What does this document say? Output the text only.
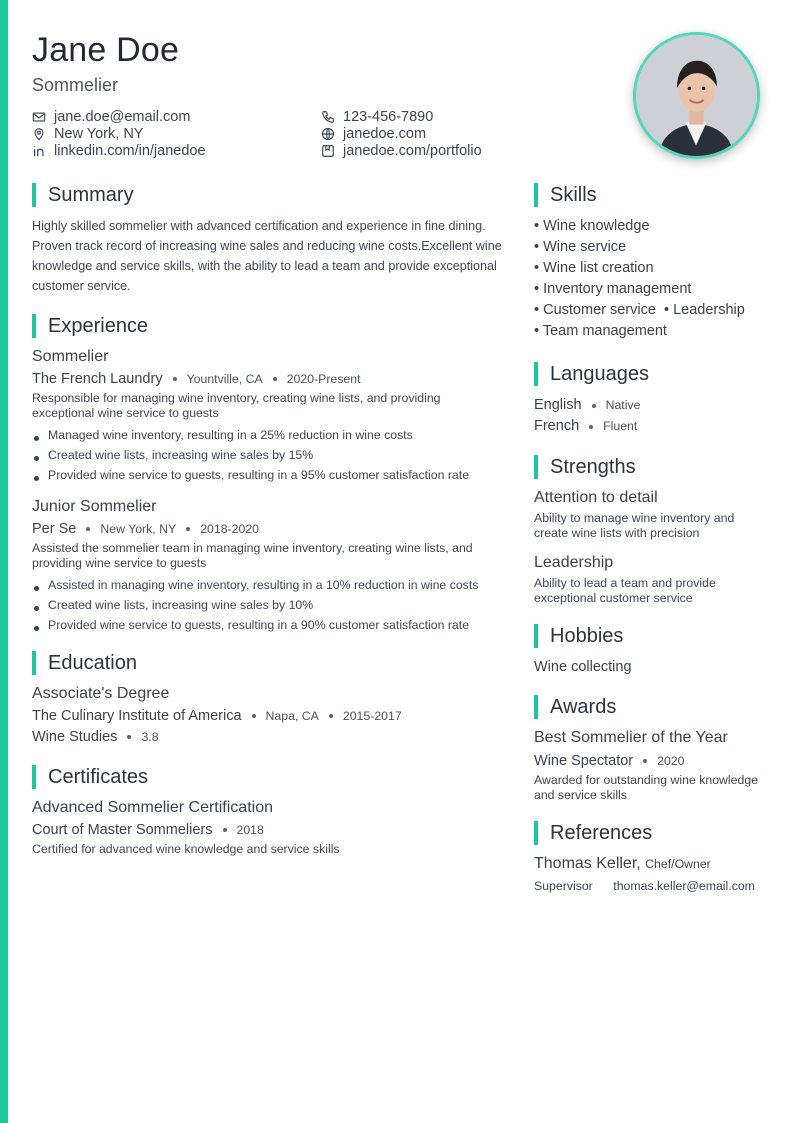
Jane Doe
Sommelier
jane.doe@email.com	123-456-7890
New York, NY	janedoe.com
linkedin.com/in/janedoe	janedoe.com/portfolio
Summary

Highly skilled sommelier with advanced certification and experience in fine dining. Proven track record of increasing wine sales and reducing wine costs.Excellent wine knowledge and service skills, with the ability to lead a team and provide exceptional customer service.

Experience
Sommelier
The French Laundry Yountville, CA 2020-Present
Responsible for managing wine inventory, creating wine lists, and providing exceptional wine service to guests
Managed wine inventory, resulting in a 25% reduction in wine costs
Created wine lists, increasing wine sales by 15%
Provided wine service to guests, resulting in a 95% customer satisfaction rate
Junior Sommelier
Per Se New York, NY 2018-2020
Assisted the sommelier team in managing wine inventory, creating wine lists, and providing wine service to guests
Assisted in managing wine inventory, resulting in a 10% reduction in wine costs
Created wine lists, increasing wine sales by 10%
Provided wine service to guests, resulting in a 90% customer satisfaction rate
Education
Associate's Degree
The Culinary Institute of America Napa, CA 2015-2017
Wine Studies 3.8
Certificates
Advanced Sommelier Certification
Court of Master Sommeliers 2018
Certified for advanced wine knowledge and service skills
Skills
• Wine knowledge
• Wine service
• Wine list creation
• Inventory management
• Customer service  • Leadership
• Team management
Languages
English Native
French Fluent
Strengths
Attention to detail
Ability to manage wine inventory and create wine lists with precision
Leadership
Ability to lead a team and provide exceptional customer service
Hobbies
Wine collecting
Awards
Best Sommelier of the Year
Wine Spectator 2020
Awarded for outstanding wine knowledge and service skills
References
Thomas Keller, Chef/Owner
Supervisor thomas.keller@email.com
